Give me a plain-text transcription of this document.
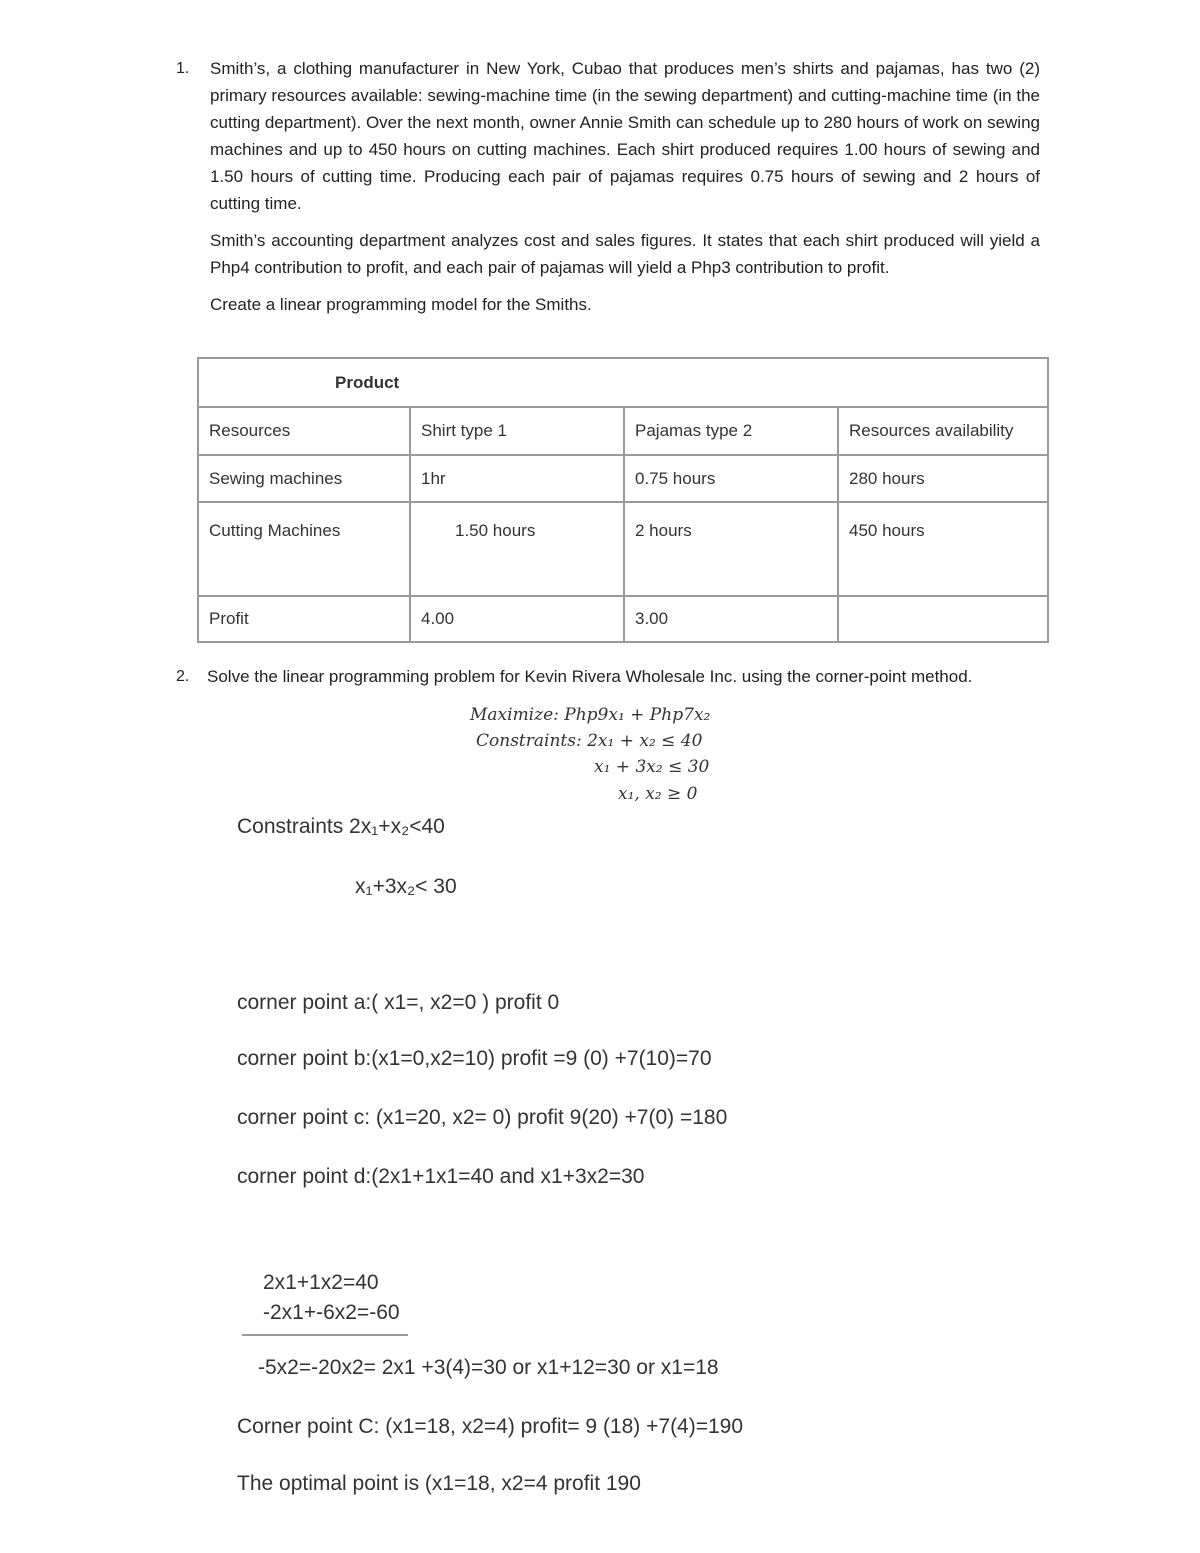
1. Smith’s, a clothing manufacturer in New York, Cubao that produces men’s shirts and pajamas, has two (2) primary resources available: sewing-machine time (in the sewing department) and cutting-machine time (in the cutting department). Over the next month, owner Annie Smith can schedule up to 280 hours of work on sewing machines and up to 450 hours on cutting machines. Each shirt produced requires 1.00 hours of sewing and 1.50 hours of cutting time. Producing each pair of pajamas requires 0.75 hours of sewing and 2 hours of cutting time.
Smith’s accounting department analyzes cost and sales figures. It states that each shirt produced will yield a Php4 contribution to profit, and each pair of pajamas will yield a Php3 contribution to profit.
Create a linear programming model for the Smiths.
Product			
Resources	Shirt type 1	Pajamas type 2	Resources availability
Sewing machines	1hr	0.75 hours	280 hours
Cutting Machines	1.50 hours	2 hours	450 hours
Profit	4.00	3.00	
2. Solve the linear programming problem for Kevin Rivera Wholesale Inc. using the corner-point method.
Maximize: Php9x₁ + Php7x₂
Constraints: 2x₁ + x₂ ≤ 40
x₁ + 3x₂ ≤ 30
x₁, x₂ ≥ 0
Constraints 2x₁+x₂<40
x₁+3x₂< 30
corner point a:( x1=, x2=0 ) profit 0
corner point b:(x1=0,x2=10) profit =9 (0) +7(10)=70
corner point c: (x1=20, x2= 0) profit 9(20) +7(0) =180
corner point d:(2x1+1x1=40 and x1+3x2=30
2x1+1x2=40
-2x1+-6x2=-60
-5x2=-20x2= 2x1 +3(4)=30 or x1+12=30 or x1=18
Corner point C: (x1=18, x2=4) profit= 9 (18) +7(4)=190
The optimal point is (x1=18, x2=4 profit 190
